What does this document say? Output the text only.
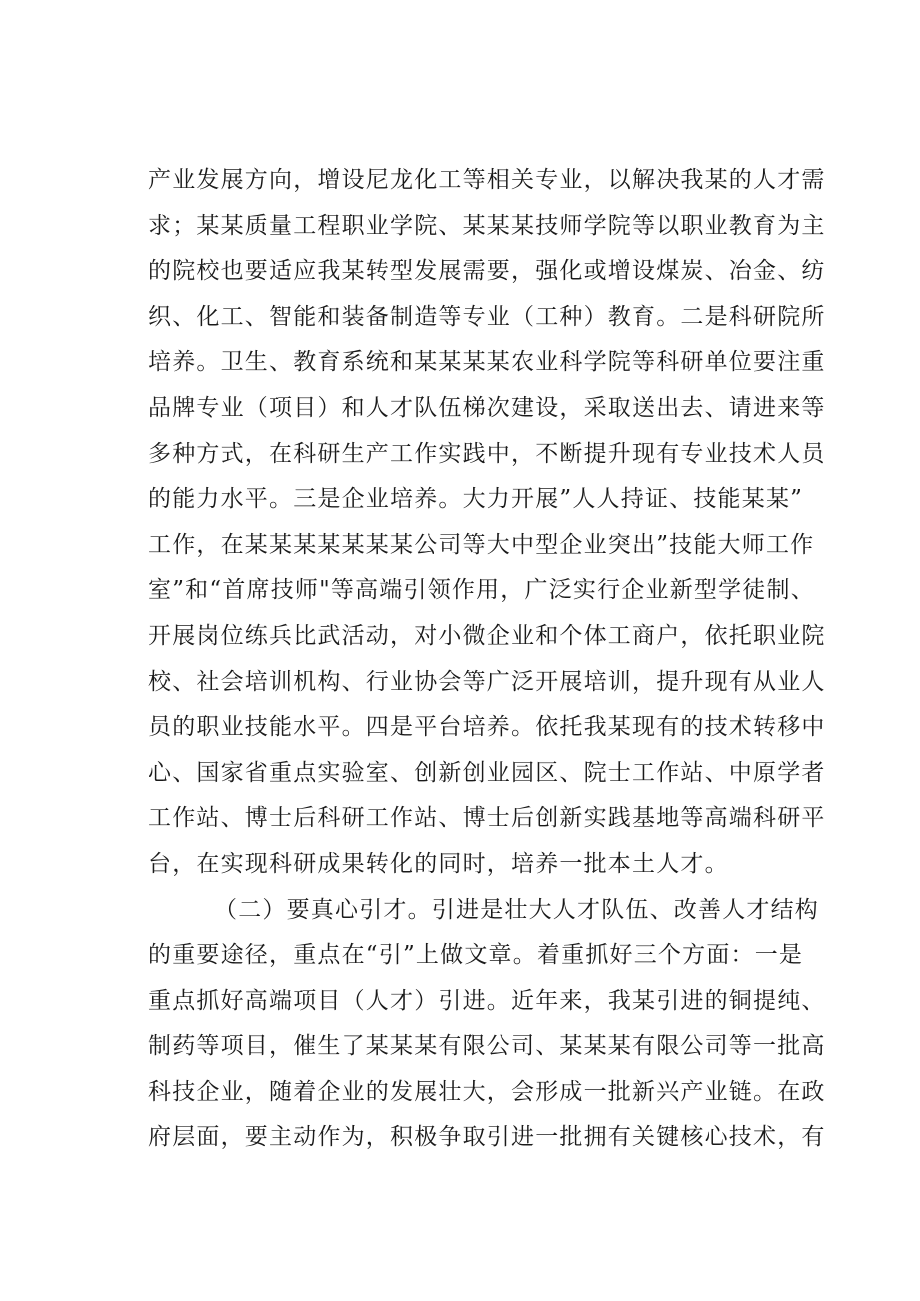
产业发展方向，增设尼龙化工等相关专业，以解决我某的人才需
求；某某质量工程职业学院、某某某技师学院等以职业教育为主
的院校也要适应我某转型发展需要，强化或增设煤炭、冶金、纺
织、化工、智能和装备制造等专业（工种）教育。二是科研院所
培养。卫生、教育系统和某某某某农业科学院等科研单位要注重
品牌专业（项目）和人才队伍梯次建设，采取送出去、请进来等
多种方式，在科研生产工作实践中，不断提升现有专业技术人员
的能力水平。三是企业培养。大力开展”人人持证、技能某某”
工作，在某某某某某某某公司等大中型企业突出”技能大师工作
室”和“首席技师"等高端引领作用，广泛实行企业新型学徒制、
开展岗位练兵比武活动，对小微企业和个体工商户，依托职业院
校、社会培训机构、行业协会等广泛开展培训，提升现有从业人
员的职业技能水平。四是平台培养。依托我某现有的技术转移中
心、国家省重点实验室、创新创业园区、院士工作站、中原学者
工作站、博士后科研工作站、博士后创新实践基地等高端科研平
台，在实现科研成果转化的同时，培养一批本土人才。
（二）要真心引才。引进是壮大人才队伍、改善人才结构
的重要途径，重点在“引”上做文章。着重抓好三个方面：一是
重点抓好高端项目（人才）引进。近年来，我某引进的铜提纯、
制药等项目，催生了某某某有限公司、某某某有限公司等一批高
科技企业，随着企业的发展壮大，会形成一批新兴产业链。在政
府层面，要主动作为，积极争取引进一批拥有关键核心技术，有
